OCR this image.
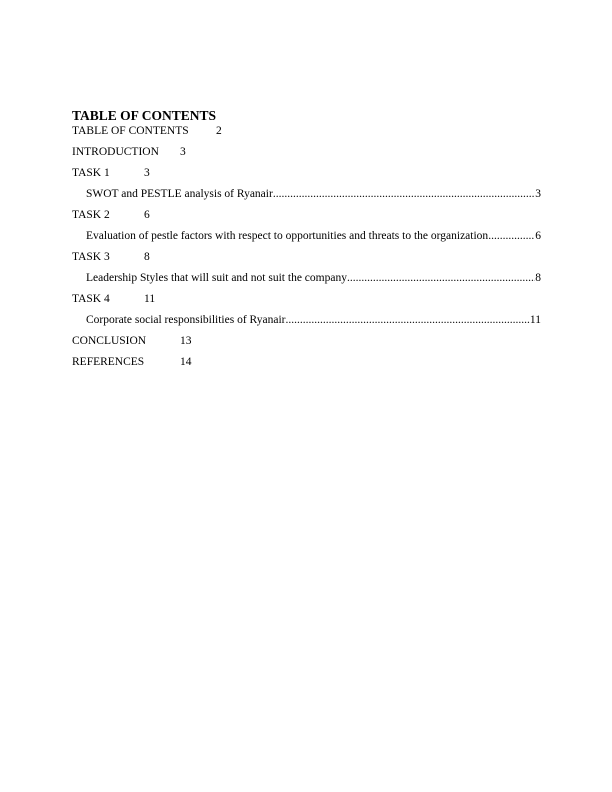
TABLE OF CONTENTS
TABLE OF CONTENTS	2
INTRODUCTION	3
TASK 1	3
SWOT and PESTLE analysis of Ryanair .....	3
TASK 2	6
Evaluation of pestle factors with respect to opportunities and threats to the organization .....	6
TASK 3	8
Leadership Styles that will suit and not suit the company .....	8
TASK 4	11
Corporate social responsibilities of Ryanair .....	11
CONCLUSION	13
REFERENCES	14
